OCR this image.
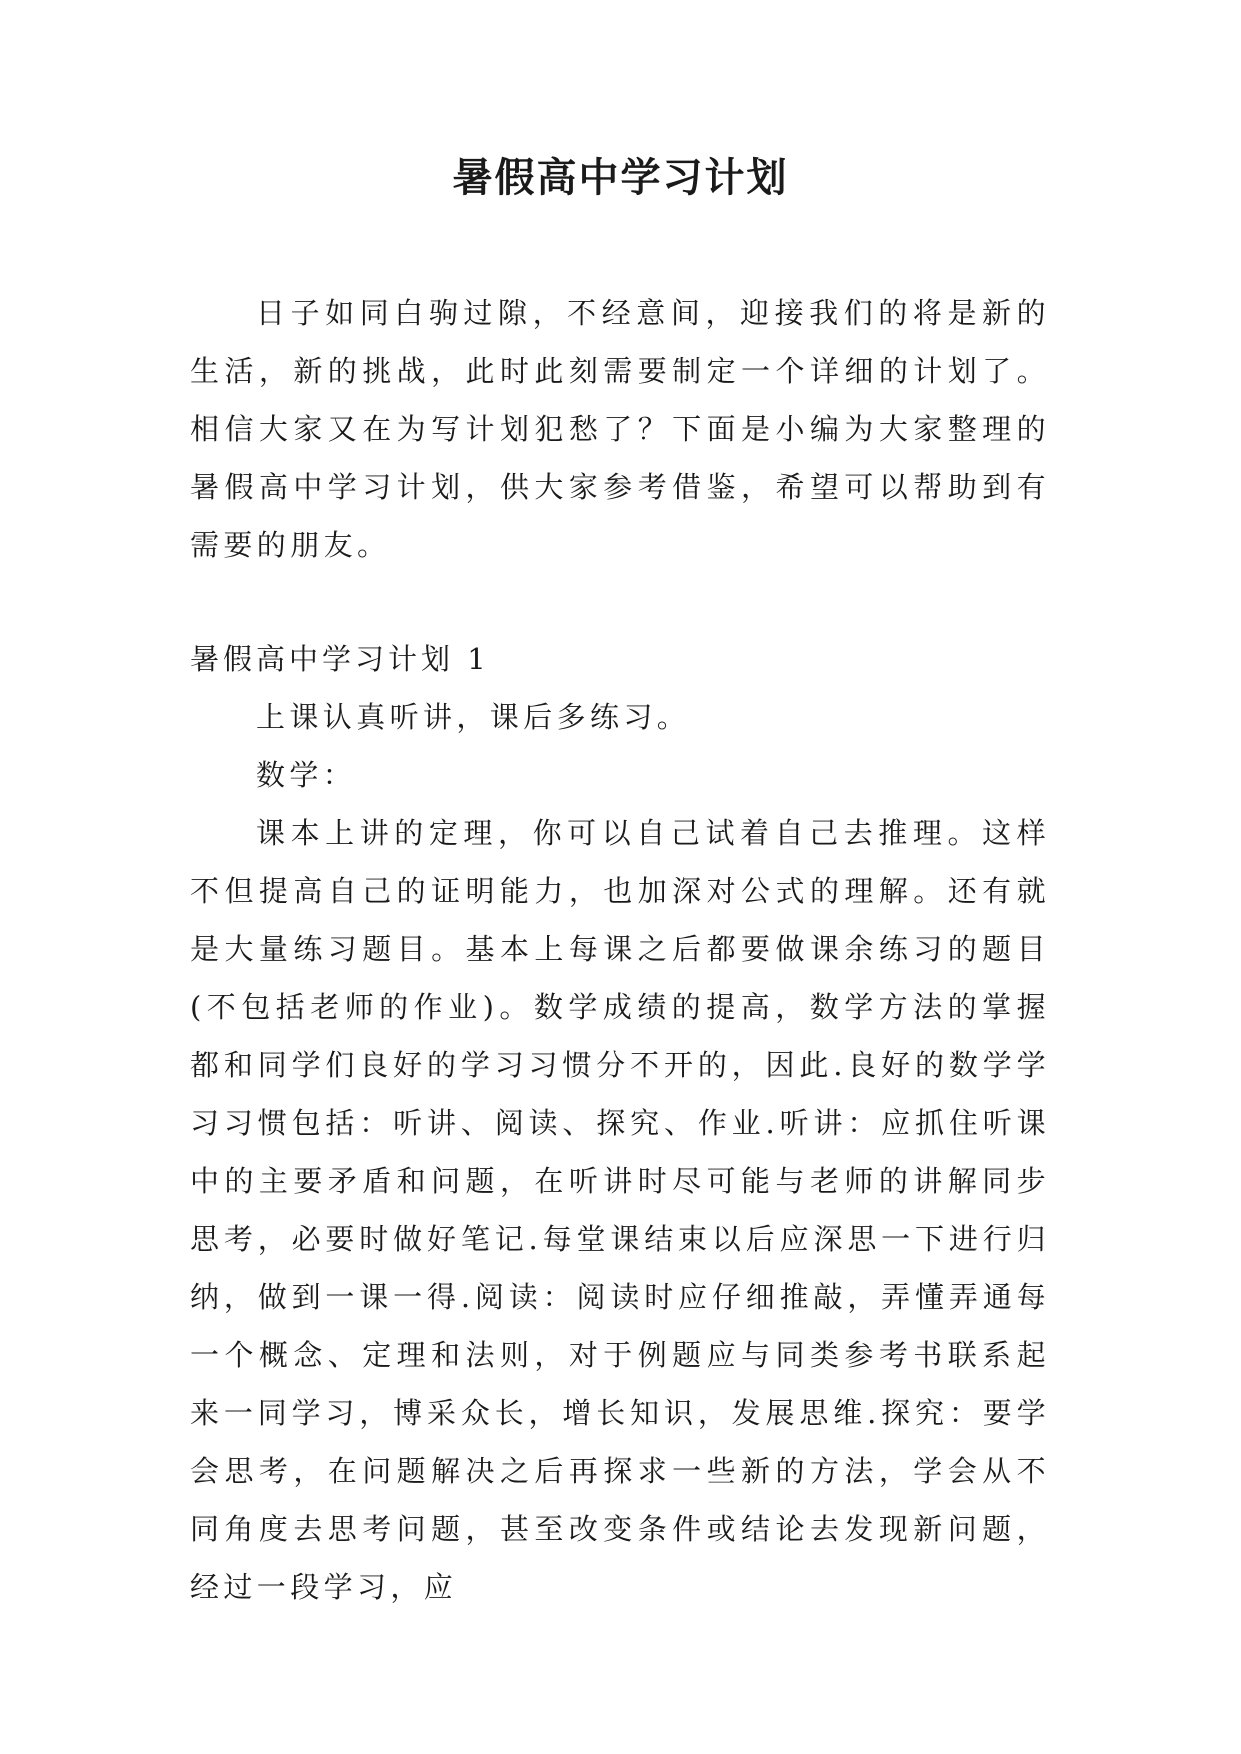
暑假高中学习计划

日子如同白驹过隙，不经意间，迎接我们的将是新的生活，新的挑战，此时此刻需要制定一个详细的计划了。相信大家又在为写计划犯愁了？下面是小编为大家整理的暑假高中学习计划，供大家参考借鉴，希望可以帮助到有需要的朋友。

暑假高中学习计划 1

上课认真听讲，课后多练习。

数学：

课本上讲的定理，你可以自己试着自己去推理。这样不但提高自己的证明能力，也加深对公式的理解。还有就是大量练习题目。基本上每课之后都要做课余练习的题目(不包括老师的作业)。数学成绩的提高，数学方法的掌握都和同学们良好的学习习惯分不开的，因此.良好的数学学习习惯包括：听讲、阅读、探究、作业.听讲：应抓住听课中的主要矛盾和问题，在听讲时尽可能与老师的讲解同步思考，必要时做好笔记.每堂课结束以后应深思一下进行归纳，做到一课一得.阅读：阅读时应仔细推敲，弄懂弄通每一个概念、定理和法则，对于例题应与同类参考书联系起来一同学习，博采众长，增长知识，发展思维.探究：要学会思考，在问题解决之后再探求一些新的方法，学会从不同角度去思考问题，甚至改变条件或结论去发现新问题，经过一段学习，应
